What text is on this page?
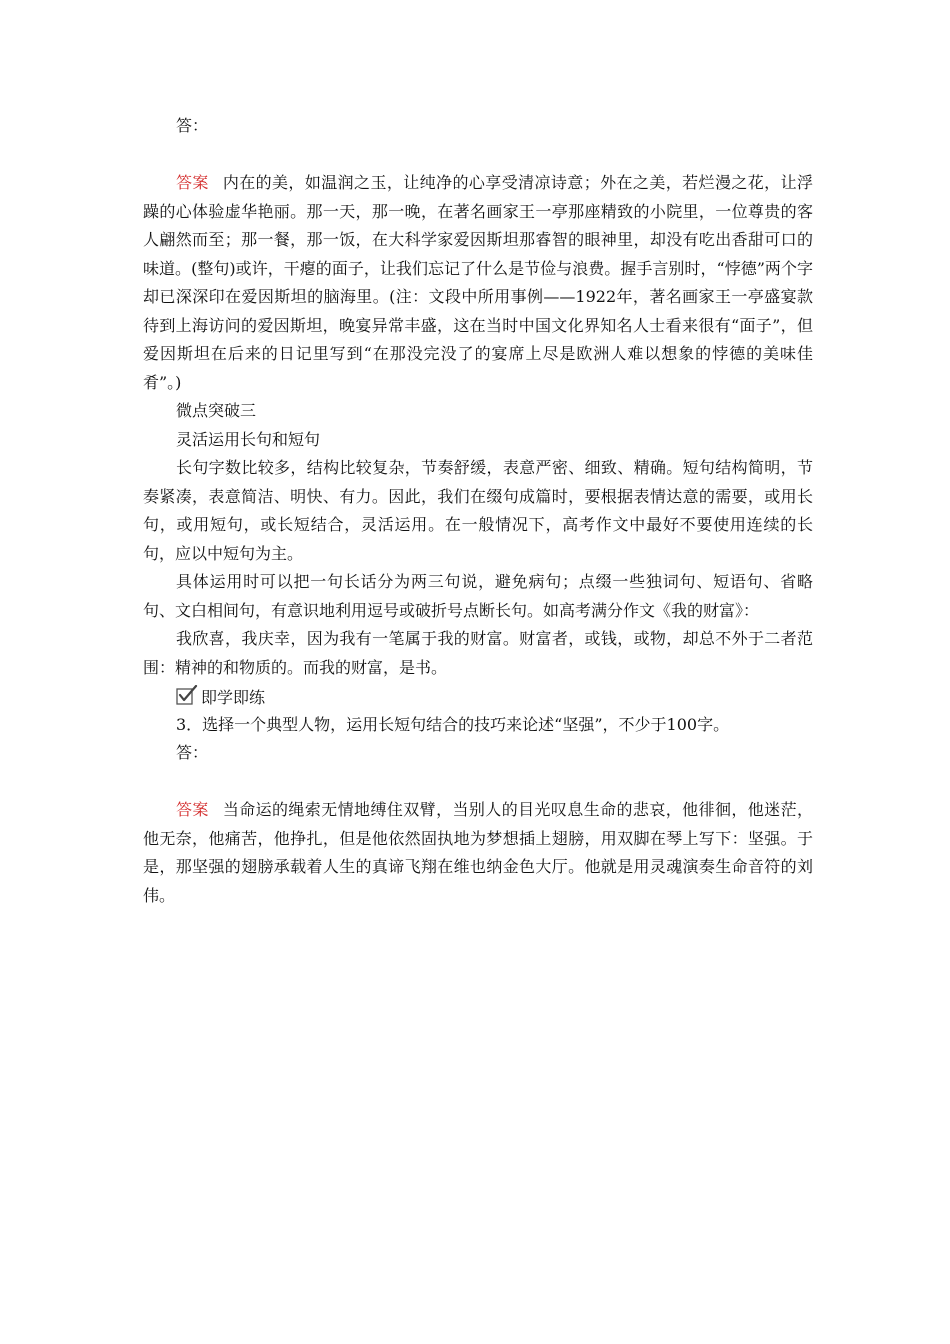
答：

答案 内在的美，如温润之玉，让纯净的心享受清凉诗意；外在之美，若烂漫之花，让浮躁的心体验虚华艳丽。那一天，那一晚，在著名画家王一亭那座精致的小院里，一位尊贵的客人翩然而至；那一餐，那一饭，在大科学家爱因斯坦那睿智的眼神里，却没有吃出香甜可口的味道。(整句)或许，干瘪的面子，让我们忘记了什么是节俭与浪费。握手言别时，“悖德”两个字却已深深印在爱因斯坦的脑海里。(注：文段中所用事例——1922年，著名画家王一亭盛宴款待到上海访问的爱因斯坦，晚宴异常丰盛，这在当时中国文化界知名人士看来很有“面子”，但爱因斯坦在后来的日记里写到“在那没完没了的宴席上尽是欧洲人难以想象的悖德的美味佳肴”。)

微点突破三

灵活运用长句和短句

长句字数比较多，结构比较复杂，节奏舒缓，表意严密、细致、精确。短句结构简明，节奏紧凑，表意简洁、明快、有力。因此，我们在缀句成篇时，要根据表情达意的需要，或用长句，或用短句，或长短结合，灵活运用。在一般情况下，高考作文中最好不要使用连续的长句，应以中短句为主。

具体运用时可以把一句长话分为两三句说，避免病句；点缀一些独词句、短语句、省略句、文白相间句，有意识地利用逗号或破折号点断长句。如高考满分作文《我的财富》：

我欣喜，我庆幸，因为我有一笔属于我的财富。财富者，或钱，或物，却总不外于二者范围：精神的和物质的。而我的财富，是书。

即学即练

3．选择一个典型人物，运用长短句结合的技巧来论述“坚强”，不少于100字。

答：

答案 当命运的绳索无情地缚住双臂，当别人的目光叹息生命的悲哀，他徘徊，他迷茫，他无奈，他痛苦，他挣扎，但是他依然固执地为梦想插上翅膀，用双脚在琴上写下：坚强。于是，那坚强的翅膀承载着人生的真谛飞翔在维也纳金色大厅。他就是用灵魂演奏生命音符的刘伟。
